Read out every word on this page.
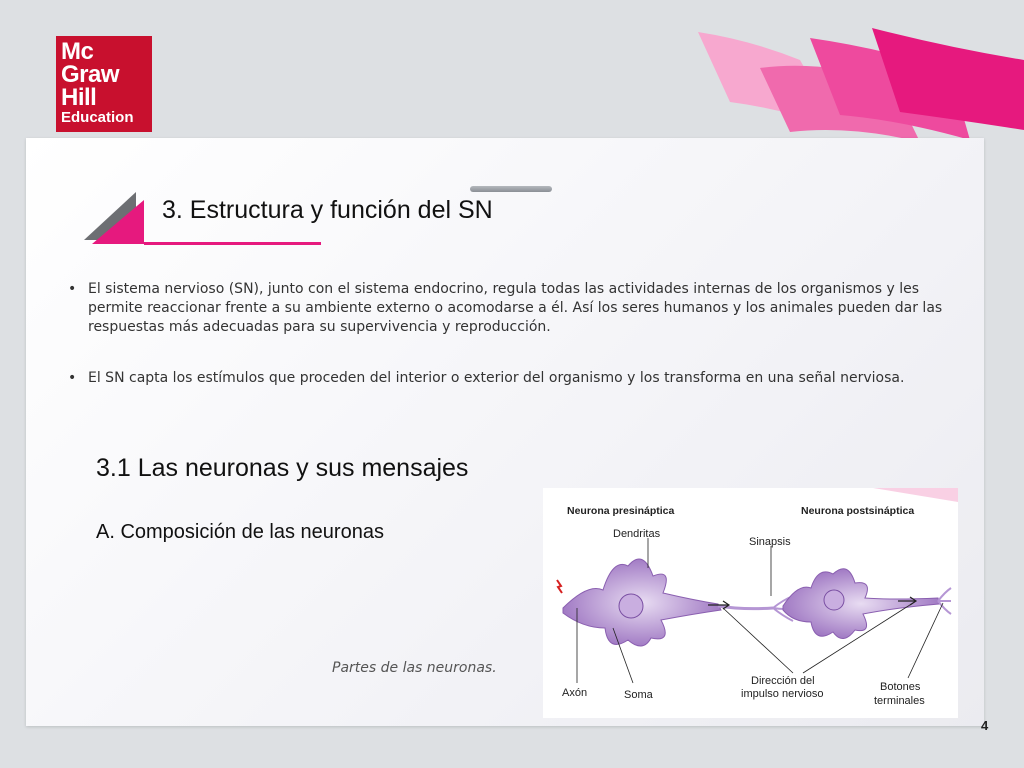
Mc
Graw
Hill
Education
3. Estructura y función del SN
• El sistema nervioso (SN), junto con el sistema endocrino, regula todas las actividades internas de los organismos y les permite reaccionar frente a su ambiente externo o acomodarse a él. Así los seres humanos y los animales pueden dar las respuestas más adecuadas para su supervivencia y reproducción.
• El SN capta los estímulos que proceden del interior o exterior del organismo y los transforma en una señal nerviosa.
3.1 Las neuronas y sus mensajes
A. Composición de las neuronas
Partes de las neuronas.
Neurona presináptica	Neurona postsináptica
Dendritas
Sinapsis
Axón	Soma
Dirección del
impulso nervioso
Botones
terminales
4
